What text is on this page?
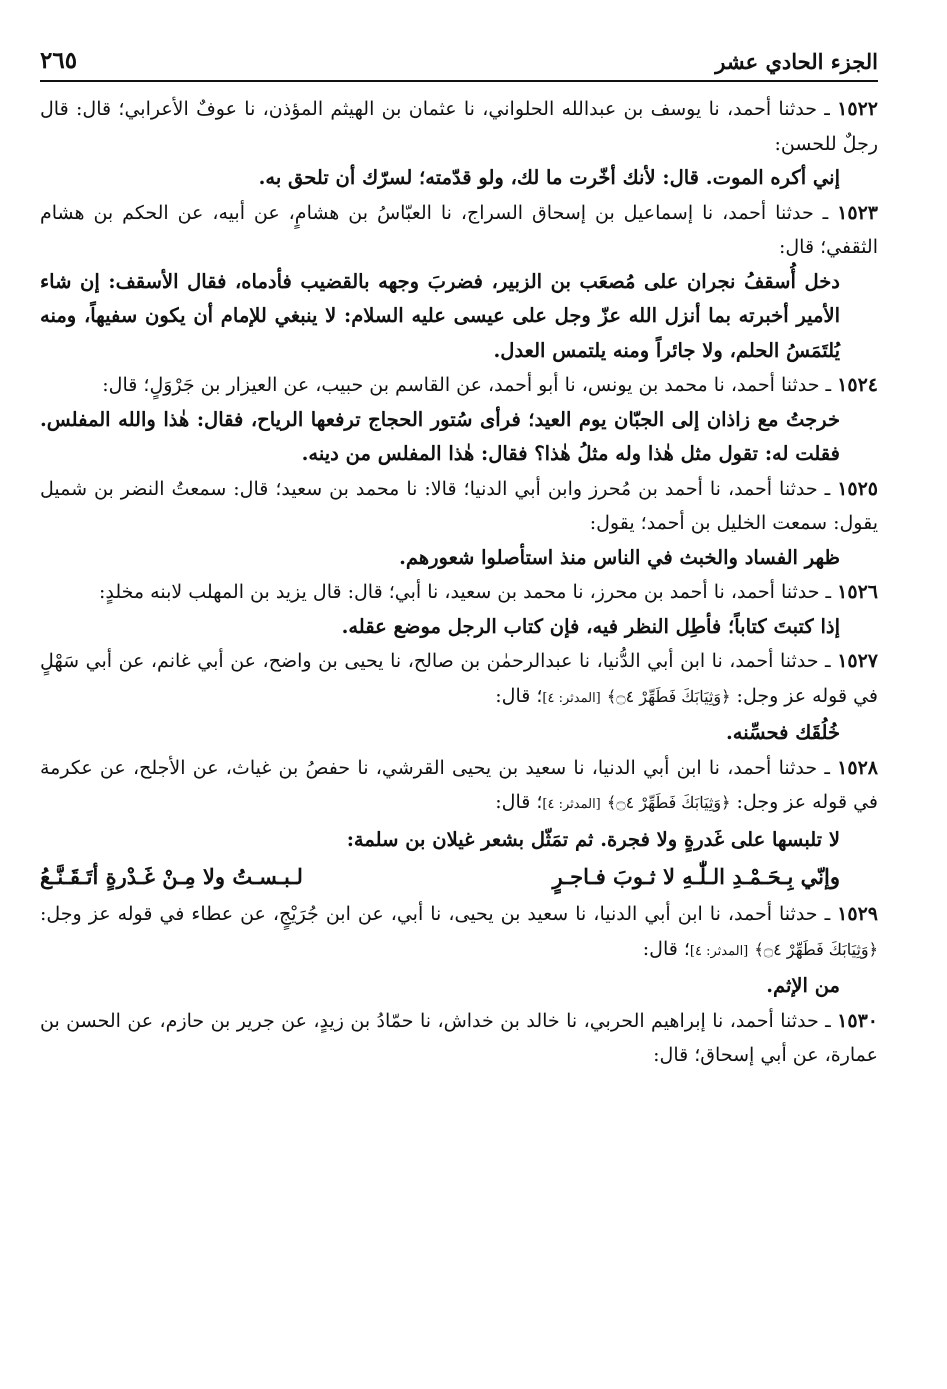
الجزء الحادي عشر
٢٦٥

١٥٢٢ ـ حدثنا أحمد، نا يوسف بن عبدالله الحلواني، نا عثمان بن الهيثم المؤذن، نا عوفٌ الأعرابي؛ قال: قال رجلٌ للحسن:

إني أكره الموت. قال: لأنك أخّرت ما لك، ولو قدّمته؛ لسرّك أن تلحق به.

١٥٢٣ ـ حدثنا أحمد، نا إسماعيل بن إسحاق السراج، نا العبّاسُ بن هشامٍ، عن أبيه، عن الحكم بن هشام الثقفي؛ قال:

دخل أُسقفُ نجران على مُصعَب بن الزبير، فضربَ وجهه بالقضيب فأدماه، فقال الأسقف: إن شاء الأمير أخبرته بما أنزل الله عزّ وجل على عيسى عليه السلام: لا ينبغي للإمام أن يكون سفيهاً، ومنه يُلتَمَسُ الحلم، ولا جائراً ومنه يلتمس العدل.

١٥٢٤ ـ حدثنا أحمد، نا محمد بن يونس، نا أبو أحمد، عن القاسم بن حبيب، عن العيزار بن جَرْوَلٍ؛ قال:

خرجتُ مع زاذان إلى الجبّان يوم العيد؛ فرأى سُتور الحجاج ترفعها الرياح، فقال: هٰذا والله المفلس. فقلت له: تقول مثل هٰذا وله مثلُ هٰذا؟ فقال: هٰذا المفلس من دينه.

١٥٢٥ ـ حدثنا أحمد، نا أحمد بن مُحرز وابن أبي الدنيا؛ قالا: نا محمد بن سعيد؛ قال: سمعتُ النضر بن شميل يقول: سمعت الخليل بن أحمد؛ يقول:

ظهر الفساد والخبث في الناس منذ استأصلوا شعورهم.

١٥٢٦ ـ حدثنا أحمد، نا أحمد بن محرز، نا محمد بن سعيد، نا أبي؛ قال: قال يزيد بن المهلب لابنه مخلدٍ:

إذا كتبتَ كتاباً؛ فأطِل النظر فيه، فإن كتاب الرجل موضع عقله.

١٥٢٧ ـ حدثنا أحمد، نا ابن أبي الدُّنيا، نا عبدالرحمٰن بن صالح، نا يحيى بن واضح، عن أبي غانم، عن أبي سَهْلٍ في قوله عز وجل: ﴿وَثِيَابَكَ فَطَهِّرْ ۝٤﴾ [المدثر: ٤]؛ قال:

خُلُقَك فحسِّنه.

١٥٢٨ ـ حدثنا أحمد، نا ابن أبي الدنيا، نا سعيد بن يحيى القرشي، نا حفصُ بن غياث، عن الأجلح، عن عكرمة في قوله عز وجل: ﴿وَثِيَابَكَ فَطَهِّرْ ۝٤﴾ [المدثر: ٤]؛ قال:

لا تلبسها على غَدرةٍ ولا فجرة. ثم تمَثّل بشعر غيلان بن سلمة:

وإنّي بِـحَـمْـدِ الـلّٰـهِ لا ثـوبَ فـاجـرٍ
لـبـسـتُ ولا مِـنْ غَـدْرةٍ أتَـقَـنَّـعُ

١٥٢٩ ـ حدثنا أحمد، نا ابن أبي الدنيا، نا سعيد بن يحيى، نا أبي، عن ابن جُرَيْجٍ، عن عطاء في قوله عز وجل: ﴿وَثِيَابَكَ فَطَهِّرْ ۝٤﴾ [المدثر: ٤]؛ قال:

من الإثم.

١٥٣٠ ـ حدثنا أحمد، نا إبراهيم الحربي، نا خالد بن خداش، نا حمّادُ بن زيدٍ، عن جرير بن حازم، عن الحسن بن عمارة، عن أبي إسحاق؛ قال:
